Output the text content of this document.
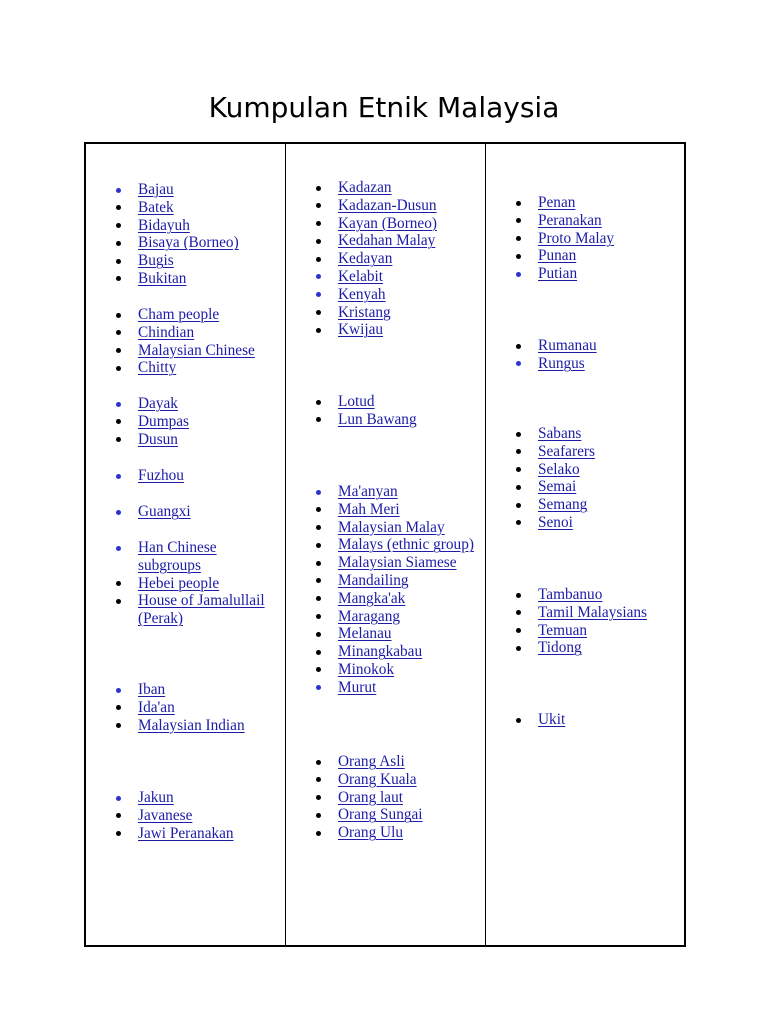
Kumpulan Etnik Malaysia
Bajau
Batek
Bidayuh
Bisaya (Borneo)
Bugis
Bukitan
Cham people
Chindian
Malaysian Chinese
Chitty
Dayak
Dumpas
Dusun
Fuzhou
Guangxi
Han Chinese subgroups
Hebei people
House of Jamalullail (Perak)
Iban
Ida'an
Malaysian Indian
Jakun
Javanese
Jawi Peranakan
Kadazan
Kadazan-Dusun
Kayan (Borneo)
Kedahan Malay
Kedayan
Kelabit
Kenyah
Kristang
Kwijau
Lotud
Lun Bawang
Ma'anyan
Mah Meri
Malaysian Malay
Malays (ethnic group)
Malaysian Siamese
Mandailing
Mangka'ak
Maragang
Melanau
Minangkabau
Minokok
Murut
Orang Asli
Orang Kuala
Orang laut
Orang Sungai
Orang Ulu
Penan
Peranakan
Proto Malay
Punan
Putian
Rumanau
Rungus
Sabans
Seafarers
Selako
Semai
Semang
Senoi
Tambanuo
Tamil Malaysians
Temuan
Tidong
Ukit
